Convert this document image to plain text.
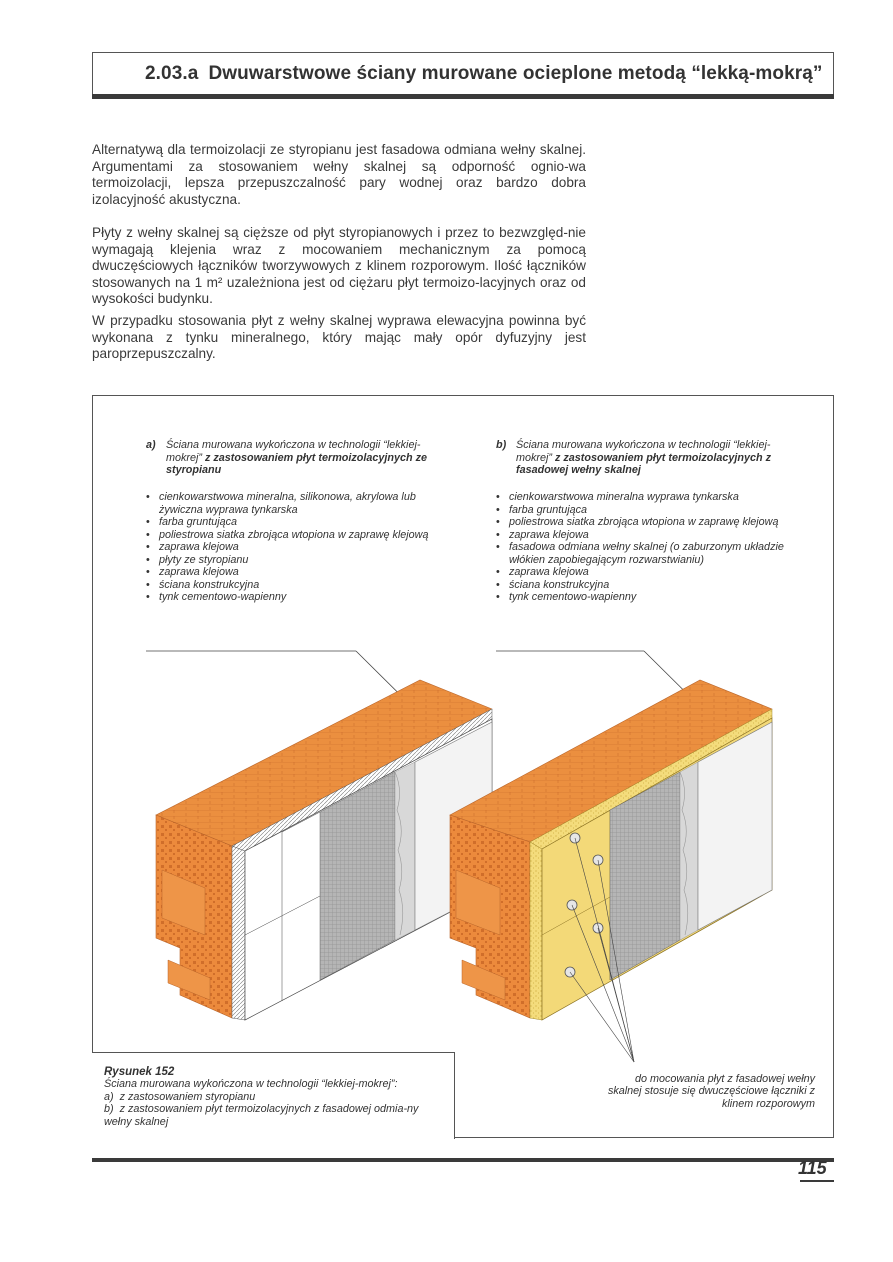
2.03.a Dwuwarstwowe ściany murowane ocieplone metodą “lekką-mokrą”
Alternatywą dla termoizolacji ze styropianu jest fasadowa odmiana wełny skalnej. Argumentami za stosowaniem wełny skalnej są odporność ognio-wa termoizolacji, lepsza przepuszczalność pary wodnej oraz bardzo dobra izolacyjność akustyczna.
Płyty z wełny skalnej są cięższe od płyt styropianowych i przez to bezwzględ-nie wymagają klejenia wraz z mocowaniem mechanicznym za pomocą dwuczęściowych łączników tworzywowych z klinem rozporowym. Ilość łączników stosowanych na 1 m² uzależniona jest od ciężaru płyt termoizo-lacyjnych oraz od wysokości budynku.
W przypadku stosowania płyt z wełny skalnej wyprawa elewacyjna powinna być wykonana z tynku mineralnego, który mając mały opór dyfuzyjny jest paroprzepuszczalny.
a) Ściana murowana wykończona w technologii “lekkiej-mokrej” z zastosowaniem płyt termoizolacyjnych ze styropianu
• cienkowarstwowa mineralna, silikonowa, akrylowa lub żywiczna wyprawa tynkarska
• farba gruntująca
• poliestrowa siatka zbrojąca wtopiona w zaprawę klejową
• zaprawa klejowa
• płyty ze styropianu
• zaprawa klejowa
• ściana konstrukcyjna
• tynk cementowo-wapienny
b) Ściana murowana wykończona w technologii “lekkiej-mokrej” z zastosowaniem płyt termoizolacyjnych z fasadowej wełny skalnej
• cienkowarstwowa mineralna wyprawa tynkarska
• farba gruntująca
• poliestrowa siatka zbrojąca wtopiona w zaprawę klejową
• zaprawa klejowa
• fasadowa odmiana wełny skalnej (o zaburzonym układzie włókien zapobiegającym rozwarstwianiu)
• zaprawa klejowa
• ściana konstrukcyjna
• tynk cementowo-wapienny
Rysunek 152
Ściana murowana wykończona w technologii “lekkiej-mokrej”:
a) z zastosowaniem styropianu
b) z zastosowaniem płyt termoizolacyjnych z fasadowej odmia-ny wełny skalnej
do mocowania płyt z fasadowej wełny skalnej stosuje się dwuczęściowe łączniki z klinem rozporowym
115
